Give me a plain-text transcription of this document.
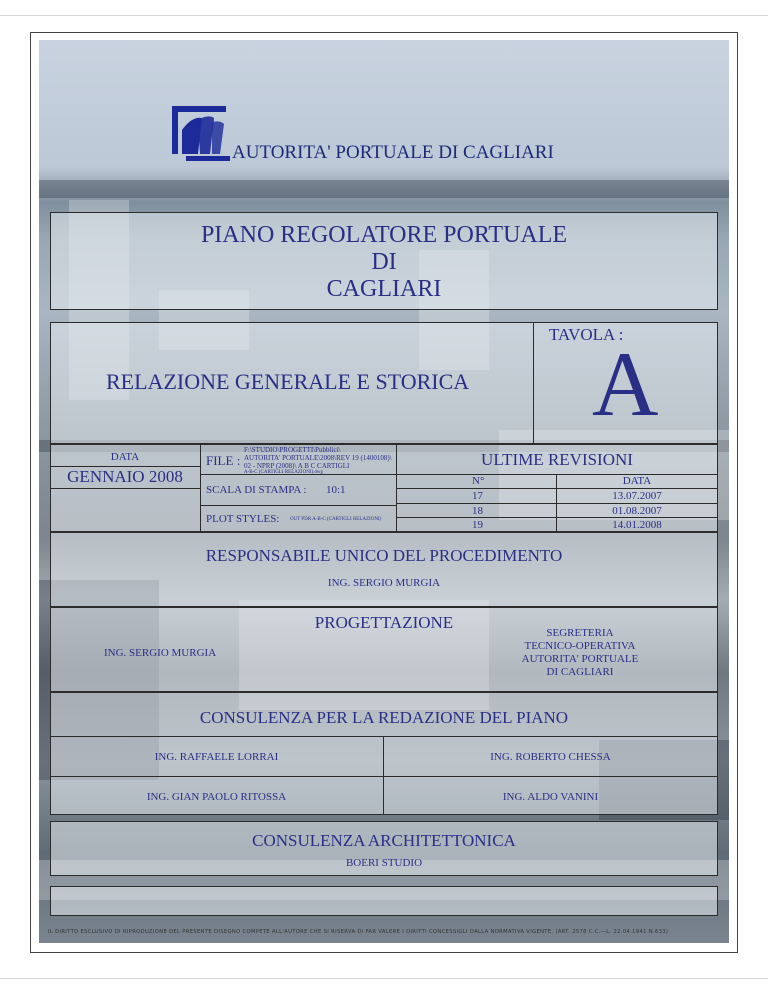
AUTORITA' PORTUALE DI CAGLIARI
PIANO REGOLATORE PORTUALE
DI
CAGLIARI
TAVOLA :
A
RELAZIONE GENERALE E STORICA
DATA
GENNAIO 2008
FILE :
F:\STUDIO\PROGETTI\Pubblici\
AUTORITA' PORTUALE\2008\REV 19 (1400108)\
02 - NPRP (2008)\ A B C CARTIGLI
A-B-C (CARTIGLI RELAZIONI).dwg
SCALA DI STAMPA : 10:1
PLOT STYLES: OUT PDR A-B-C (CARTIGLI RELAZIONI)
ULTIME REVISIONI
N°	DATA
17	13.07.2007
18	01.08.2007
19	14.01.2008
RESPONSABILE UNICO DEL PROCEDIMENTO
ING. SERGIO MURGIA
PROGETTAZIONE
ING. SERGIO MURGIA
SEGRETERIA
TECNICO-OPERATIVA
AUTORITA' PORTUALE
DI CAGLIARI
CONSULENZA PER LA REDAZIONE DEL PIANO
ING. RAFFAELE LORRAI	ING. ROBERTO CHESSA
ING. GIAN PAOLO RITOSSA	ING. ALDO VANINI
CONSULENZA ARCHITETTONICA
BOERI STUDIO
IL DIRITTO ESCLUSIVO DI RIPRODUZIONE DEL PRESENTE DISEGNO COMPETE ALL'AUTORE CHE SI RISERVA DI FAR VALERE I DIRITTI CONCESSIGLI DALLA NORMATIVA VIGENTE. (ART. 2578 C.C.—L. 22.04.1941 N.633)
